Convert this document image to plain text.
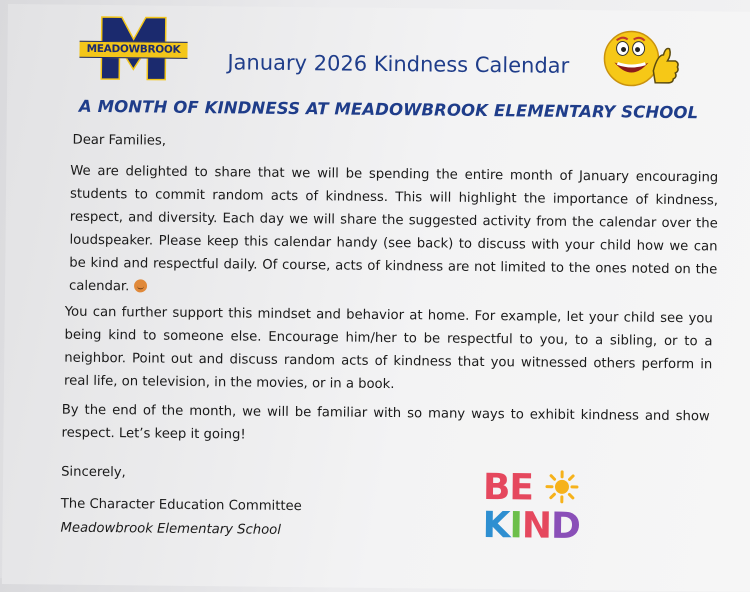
MEADOWBROOK
January 2026 Kindness Calendar
A MONTH OF KINDNESS AT MEADOWBROOK ELEMENTARY SCHOOL
Dear Families,
We are delighted to share that we will be spending the entire month of January encouraging students to commit random acts of kindness. This will highlight the importance of kindness, respect, and diversity. Each day we will share the suggested activity from the calendar over the loudspeaker. Please keep this calendar handy (see back) to discuss with your child how we can be kind and respectful daily. Of course, acts of kindness are not limited to the ones noted on the calendar.
You can further support this mindset and behavior at home. For example, let your child see you being kind to someone else. Encourage him/her to be respectful to you, to a sibling, or to a neighbor. Point out and discuss random acts of kindness that you witnessed others perform in real life, on television, in the movies, or in a book.
By the end of the month, we will be familiar with so many ways to exhibit kindness and show respect. Let’s keep it going!
Sincerely,
The Character Education Committee
Meadowbrook Elementary School
BE
KIND
